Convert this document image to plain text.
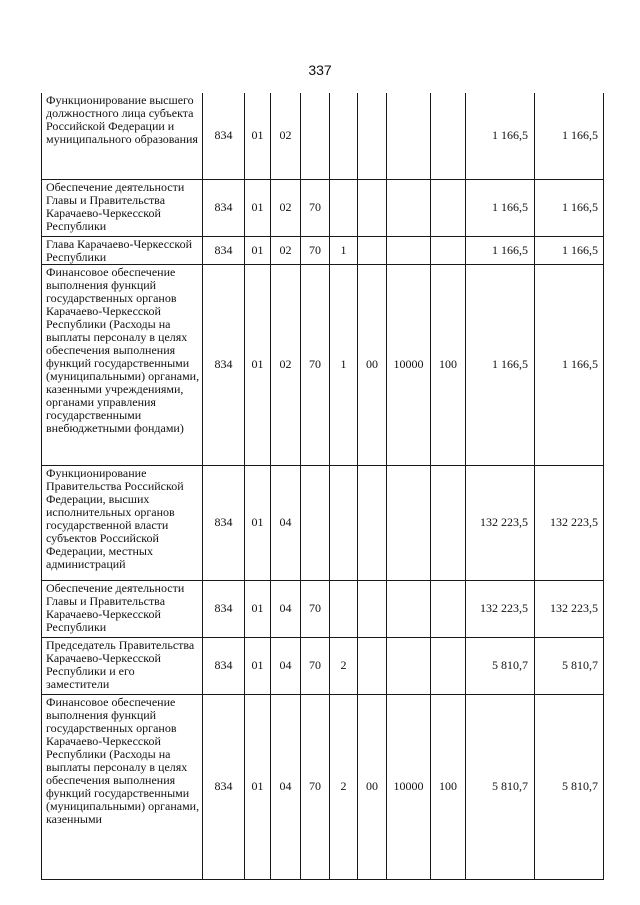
337
Функционирование высшего должностного лица субъекта Российской Федерации и муниципального образования	834	01	02						1 166,5	1 166,5
Обеспечение деятельности Главы и Правительства Карачаево-Черкесской Республики	834	01	02	70					1 166,5	1 166,5
Глава Карачаево-Черкесской Республики	834	01	02	70	1				1 166,5	1 166,5
Финансовое обеспечение выполнения функций государственных органов Карачаево-Черкесской Республики (Расходы на выплаты персоналу в целях обеспечения выполнения функций государственными (муниципальными) органами, казенными учреждениями, органами управления государственными внебюджетными фондами)	834	01	02	70	1	00	10000	100	1 166,5	1 166,5
Функционирование Правительства Российской Федерации, высших исполнительных органов государственной власти субъектов Российской Федерации, местных администраций	834	01	04						132 223,5	132 223,5
Обеспечение деятельности Главы и Правительства Карачаево-Черкесской Республики	834	01	04	70					132 223,5	132 223,5
Председатель Правительства Карачаево-Черкесской Республики и его заместители	834	01	04	70	2				5 810,7	5 810,7
Финансовое обеспечение выполнения функций государственных органов Карачаево-Черкесской Республики (Расходы на выплаты персоналу в целях обеспечения выполнения функций государственными (муниципальными) органами, казенными	834	01	04	70	2	00	10000	100	5 810,7	5 810,7
